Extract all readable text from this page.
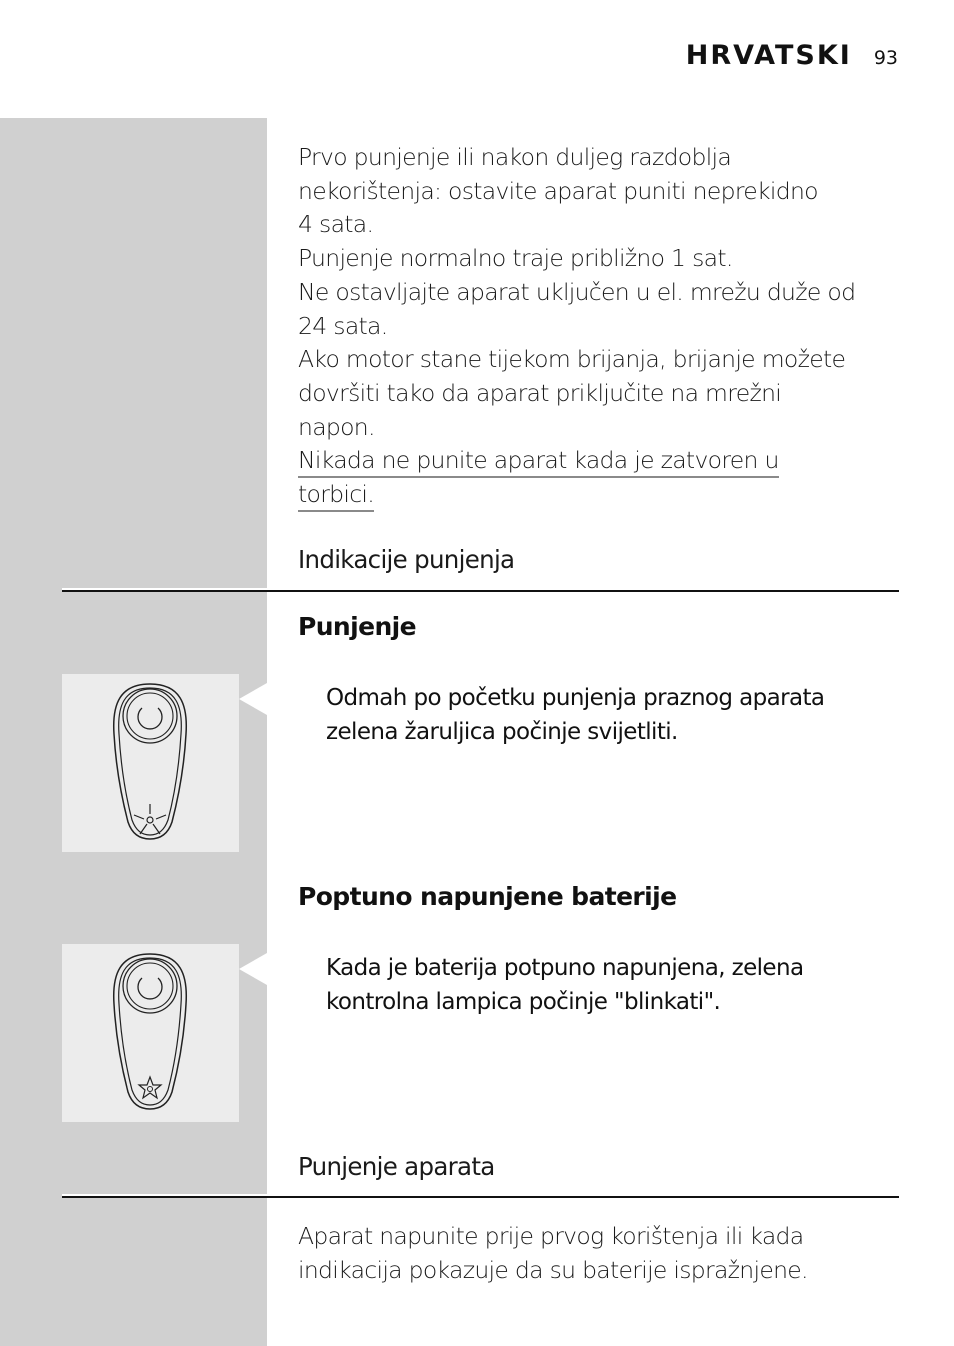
HRVATSKI 93
Prvo punjenje ili nakon duljeg razdoblja
nekorištenja: ostavite aparat puniti neprekidno
4 sata.
Punjenje normalno traje približno 1 sat.
Ne ostavljajte aparat uključen u el. mrežu duže od
24 sata.
Ako motor stane tijekom brijanja, brijanje možete
dovršiti tako da aparat priključite na mrežni
napon.
Nikada ne punite aparat kada je zatvoren u
torbici.
Indikacije punjenja
Punjenje
Odmah po početku punjenja praznog aparata
zelena žaruljica počinje svijetliti.
Poptuno napunjene baterije
Kada je baterija potpuno napunjena, zelena
kontrolna lampica počinje "blinkati".
Punjenje aparata
Aparat napunite prije prvog korištenja ili kada
indikacija pokazuje da su baterije ispražnjene.
